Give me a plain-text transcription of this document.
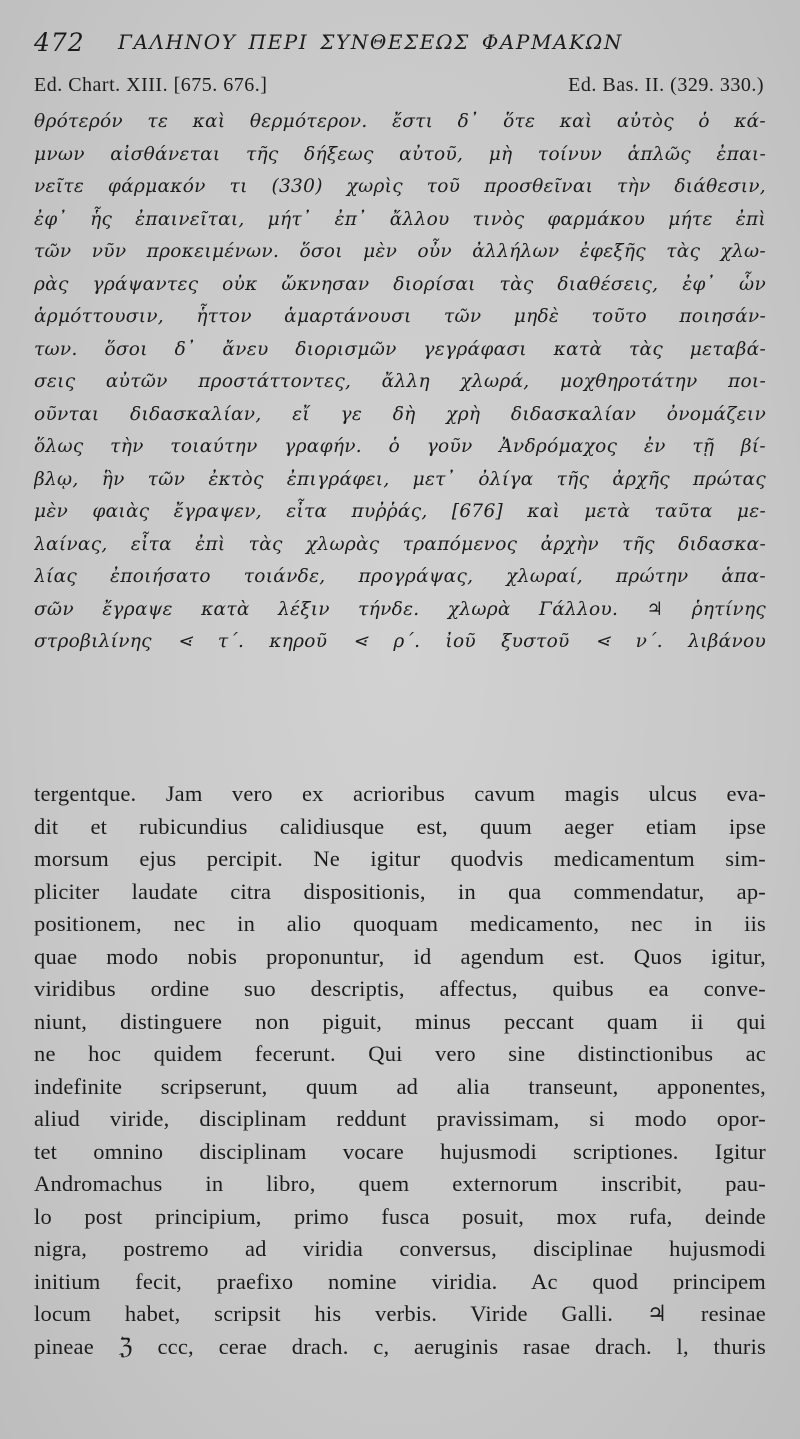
472 ΓΑΛΗΝΟΥ ΠΕΡΙ ΣΥΝΘΕΣΕΩΣ ΦΑΡΜΑΚΩΝ
Ed. Chart. XIII. [675. 676.]	Ed. Bas. II. (329. 330.)
θρότερόν τε καὶ θερμότερον. ἔστι δ᾽ ὅτε καὶ αὐτὸς ὁ κά-
μνων αἰσθάνεται τῆς δήξεως αὐτοῦ, μὴ τοίνυν ἁπλῶς ἐπαι-
νεῖτε φάρμακόν τι (330) χωρὶς τοῦ προσθεῖναι τὴν διάθεσιν,
ἐφ᾽ ἧς ἐπαινεῖται, μήτ᾽ ἐπ᾽ ἄλλου τινὸς φαρμάκου μήτε ἐπὶ
τῶν νῦν προκειμένων. ὅσοι μὲν οὖν ἀλλήλων ἐφεξῆς τὰς χλω-
ρὰς γράψαντες οὐκ ὤκνησαν διορίσαι τὰς διαθέσεις, ἐφ᾽ ὧν
ἁρμόττουσιν, ἧττον ἁμαρτάνουσι τῶν μηδὲ τοῦτο ποιησάν-
των. ὅσοι δ᾽ ἄνευ διορισμῶν γεγράφασι κατὰ τὰς μεταβά-
σεις αὐτῶν προστάττοντες, ἄλλη χλωρά, μοχθηροτάτην ποι-
οῦνται διδασκαλίαν, εἴ γε δὴ χρὴ διδασκαλίαν ὀνομάζειν
ὅλως τὴν τοιαύτην γραφήν. ὁ γοῦν Ἀνδρόμαχος ἐν τῇ βί-
βλῳ, ἣν τῶν ἐκτὸς ἐπιγράφει, μετ᾽ ὀλίγα τῆς ἀρχῆς πρώτας
μὲν φαιὰς ἔγραψεν, εἶτα πυῤῥάς, [676] καὶ μετὰ ταῦτα με-
λαίνας, εἶτα ἐπὶ τὰς χλωρὰς τραπόμενος ἀρχὴν τῆς διδασκα-
λίας ἐποιήσατο τοιάνδε, προγράψας, χλωραί, πρώτην ἁπα-
σῶν ἔγραψε κατὰ λέξιν τήνδε. χλωρὰ Γάλλου. ♃ ῥητίνης
στροβιλίνης ⋖ τ΄. κηροῦ ⋖ ρ΄. ἰοῦ ξυστοῦ ⋖ ν΄. λιβάνου
tergentque. Jam vero ex acrioribus cavum magis ulcus eva-
dit et rubicundius calidiusque est, quum aeger etiam ipse
morsum ejus percipit. Ne igitur quodvis medicamentum sim-
pliciter laudate citra dispositionis, in qua commendatur, ap-
positionem, nec in alio quoquam medicamento, nec in iis
quae modo nobis proponuntur, id agendum est. Quos igitur,
viridibus ordine suo descriptis, affectus, quibus ea conve-
niunt, distinguere non piguit, minus peccant quam ii qui
ne hoc quidem fecerunt. Qui vero sine distinctionibus ac
indefinite scripserunt, quum ad alia transeunt, apponentes,
aliud viride, disciplinam reddunt pravissimam, si modo opor-
tet omnino disciplinam vocare hujusmodi scriptiones. Igitur
Andromachus in libro, quem externorum inscribit, pau-
lo post principium, primo fusca posuit, mox rufa, deinde
nigra, postremo ad viridia conversus, disciplinae hujusmodi
initium fecit, praefixo nomine viridia. Ac quod principem
locum habet, scripsit his verbis. Viride Galli. ♃ resinae
pineae ℨ ccc, cerae drach. c, aeruginis rasae drach. l, thuris
